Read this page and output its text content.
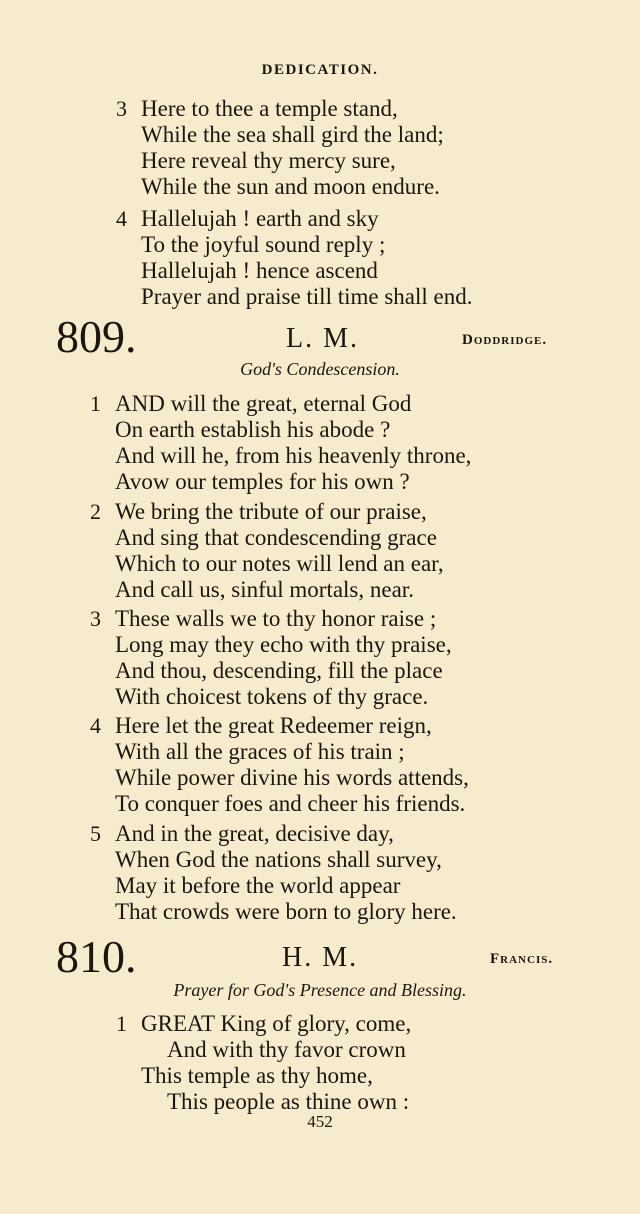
DEDICATION.
3 Here to thee a temple stand,
While the sea shall gird the land;
Here reveal thy mercy sure,
While the sun and moon endure.
4 Hallelujah ! earth and sky
To the joyful sound reply ;
Hallelujah ! hence ascend
Prayer and praise till time shall end.
809.	L. M.	Doddridge.
God's Condescension.
1 AND will the great, eternal God
On earth establish his abode ?
And will he, from his heavenly throne,
Avow our temples for his own ?
2 We bring the tribute of our praise,
And sing that condescending grace
Which to our notes will lend an ear,
And call us, sinful mortals, near.
3 These walls we to thy honor raise ;
Long may they echo with thy praise,
And thou, descending, fill the place
With choicest tokens of thy grace.
4 Here let the great Redeemer reign,
With all the graces of his train ;
While power divine his words attends,
To conquer foes and cheer his friends.
5 And in the great, decisive day,
When God the nations shall survey,
May it before the world appear
That crowds were born to glory here.
810.	H. M.	Francis.
Prayer for God's Presence and Blessing.
1 GREAT King of glory, come,
And with thy favor crown
This temple as thy home,
This people as thine own :
452
